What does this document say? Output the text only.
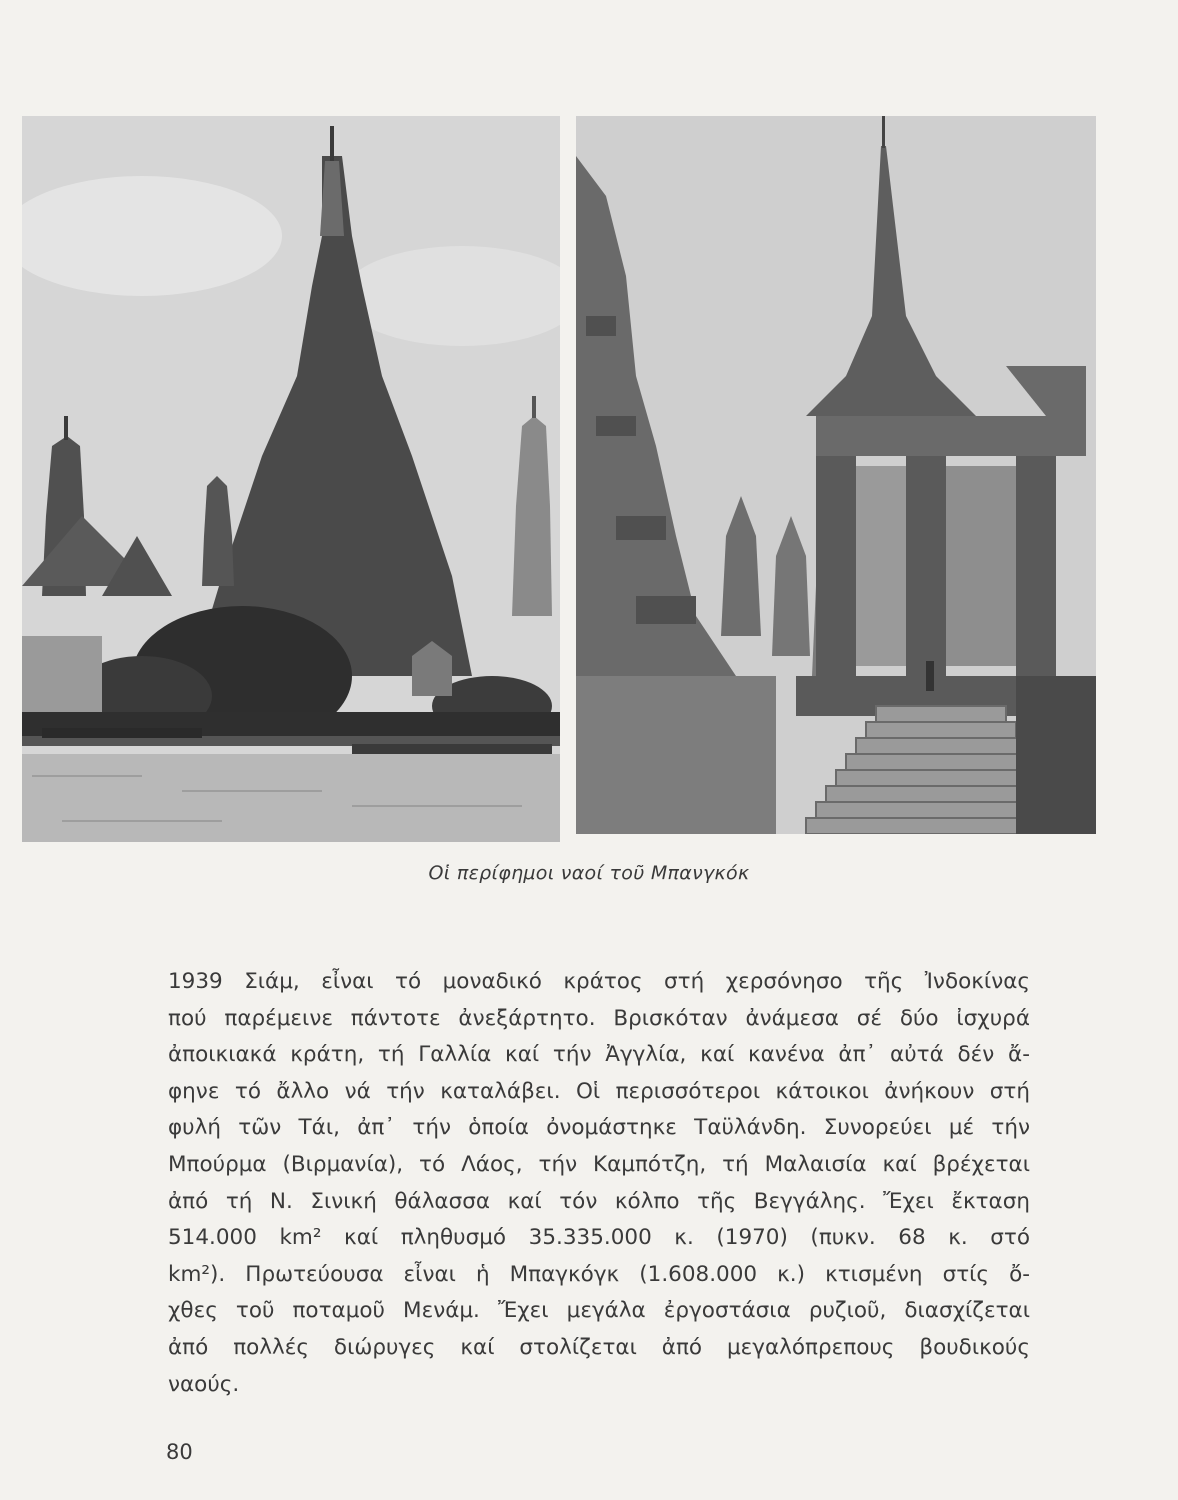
Οἱ περίφημοι ναοί τοῦ Μπανγκόκ
1939 Σιάμ, εἶναι τό μοναδικό κράτος στή χερσόνησο τῆς Ἰνδοκίνας
πού παρέμεινε πάντοτε ἀνεξάρτητο. Βρισκόταν ἀνάμεσα σέ δύο ἰσχυρά
ἀποικιακά κράτη, τή Γαλλία καί τήν Ἀγγλία, καί κανένα ἀπ᾽ αὐτά δέν ἄ-
φηνε τό ἄλλο νά τήν καταλάβει. Οἱ περισσότεροι κάτοικοι ἀνήκουν στή
φυλή τῶν Τάι, ἀπ᾽ τήν ὁποία ὀνομάστηκε Ταϋλάνδη. Συνορεύει μέ τήν
Μπούρμα (Βιρμανία), τό Λάος, τήν Καμπότζη, τή Μαλαισία καί βρέχεται
ἀπό τή Ν. Σινική θάλασσα καί τόν κόλπο τῆς Βεγγάλης. Ἔχει ἔκταση
514.000 km² καί πληθυσμό 35.335.000 κ. (1970) (πυκν. 68 κ. στό
km²). Πρωτεύουσα εἶναι ἡ Μπαγκόγκ (1.608.000 κ.) κτισμένη στίς ὄ-
χθες τοῦ ποταμοῦ Μενάμ. Ἔχει μεγάλα ἐργοστάσια ρυζιοῦ, διασχίζεται
ἀπό πολλές διώρυγες καί στολίζεται ἀπό μεγαλόπρεπους βουδικούς
ναούς.
80
